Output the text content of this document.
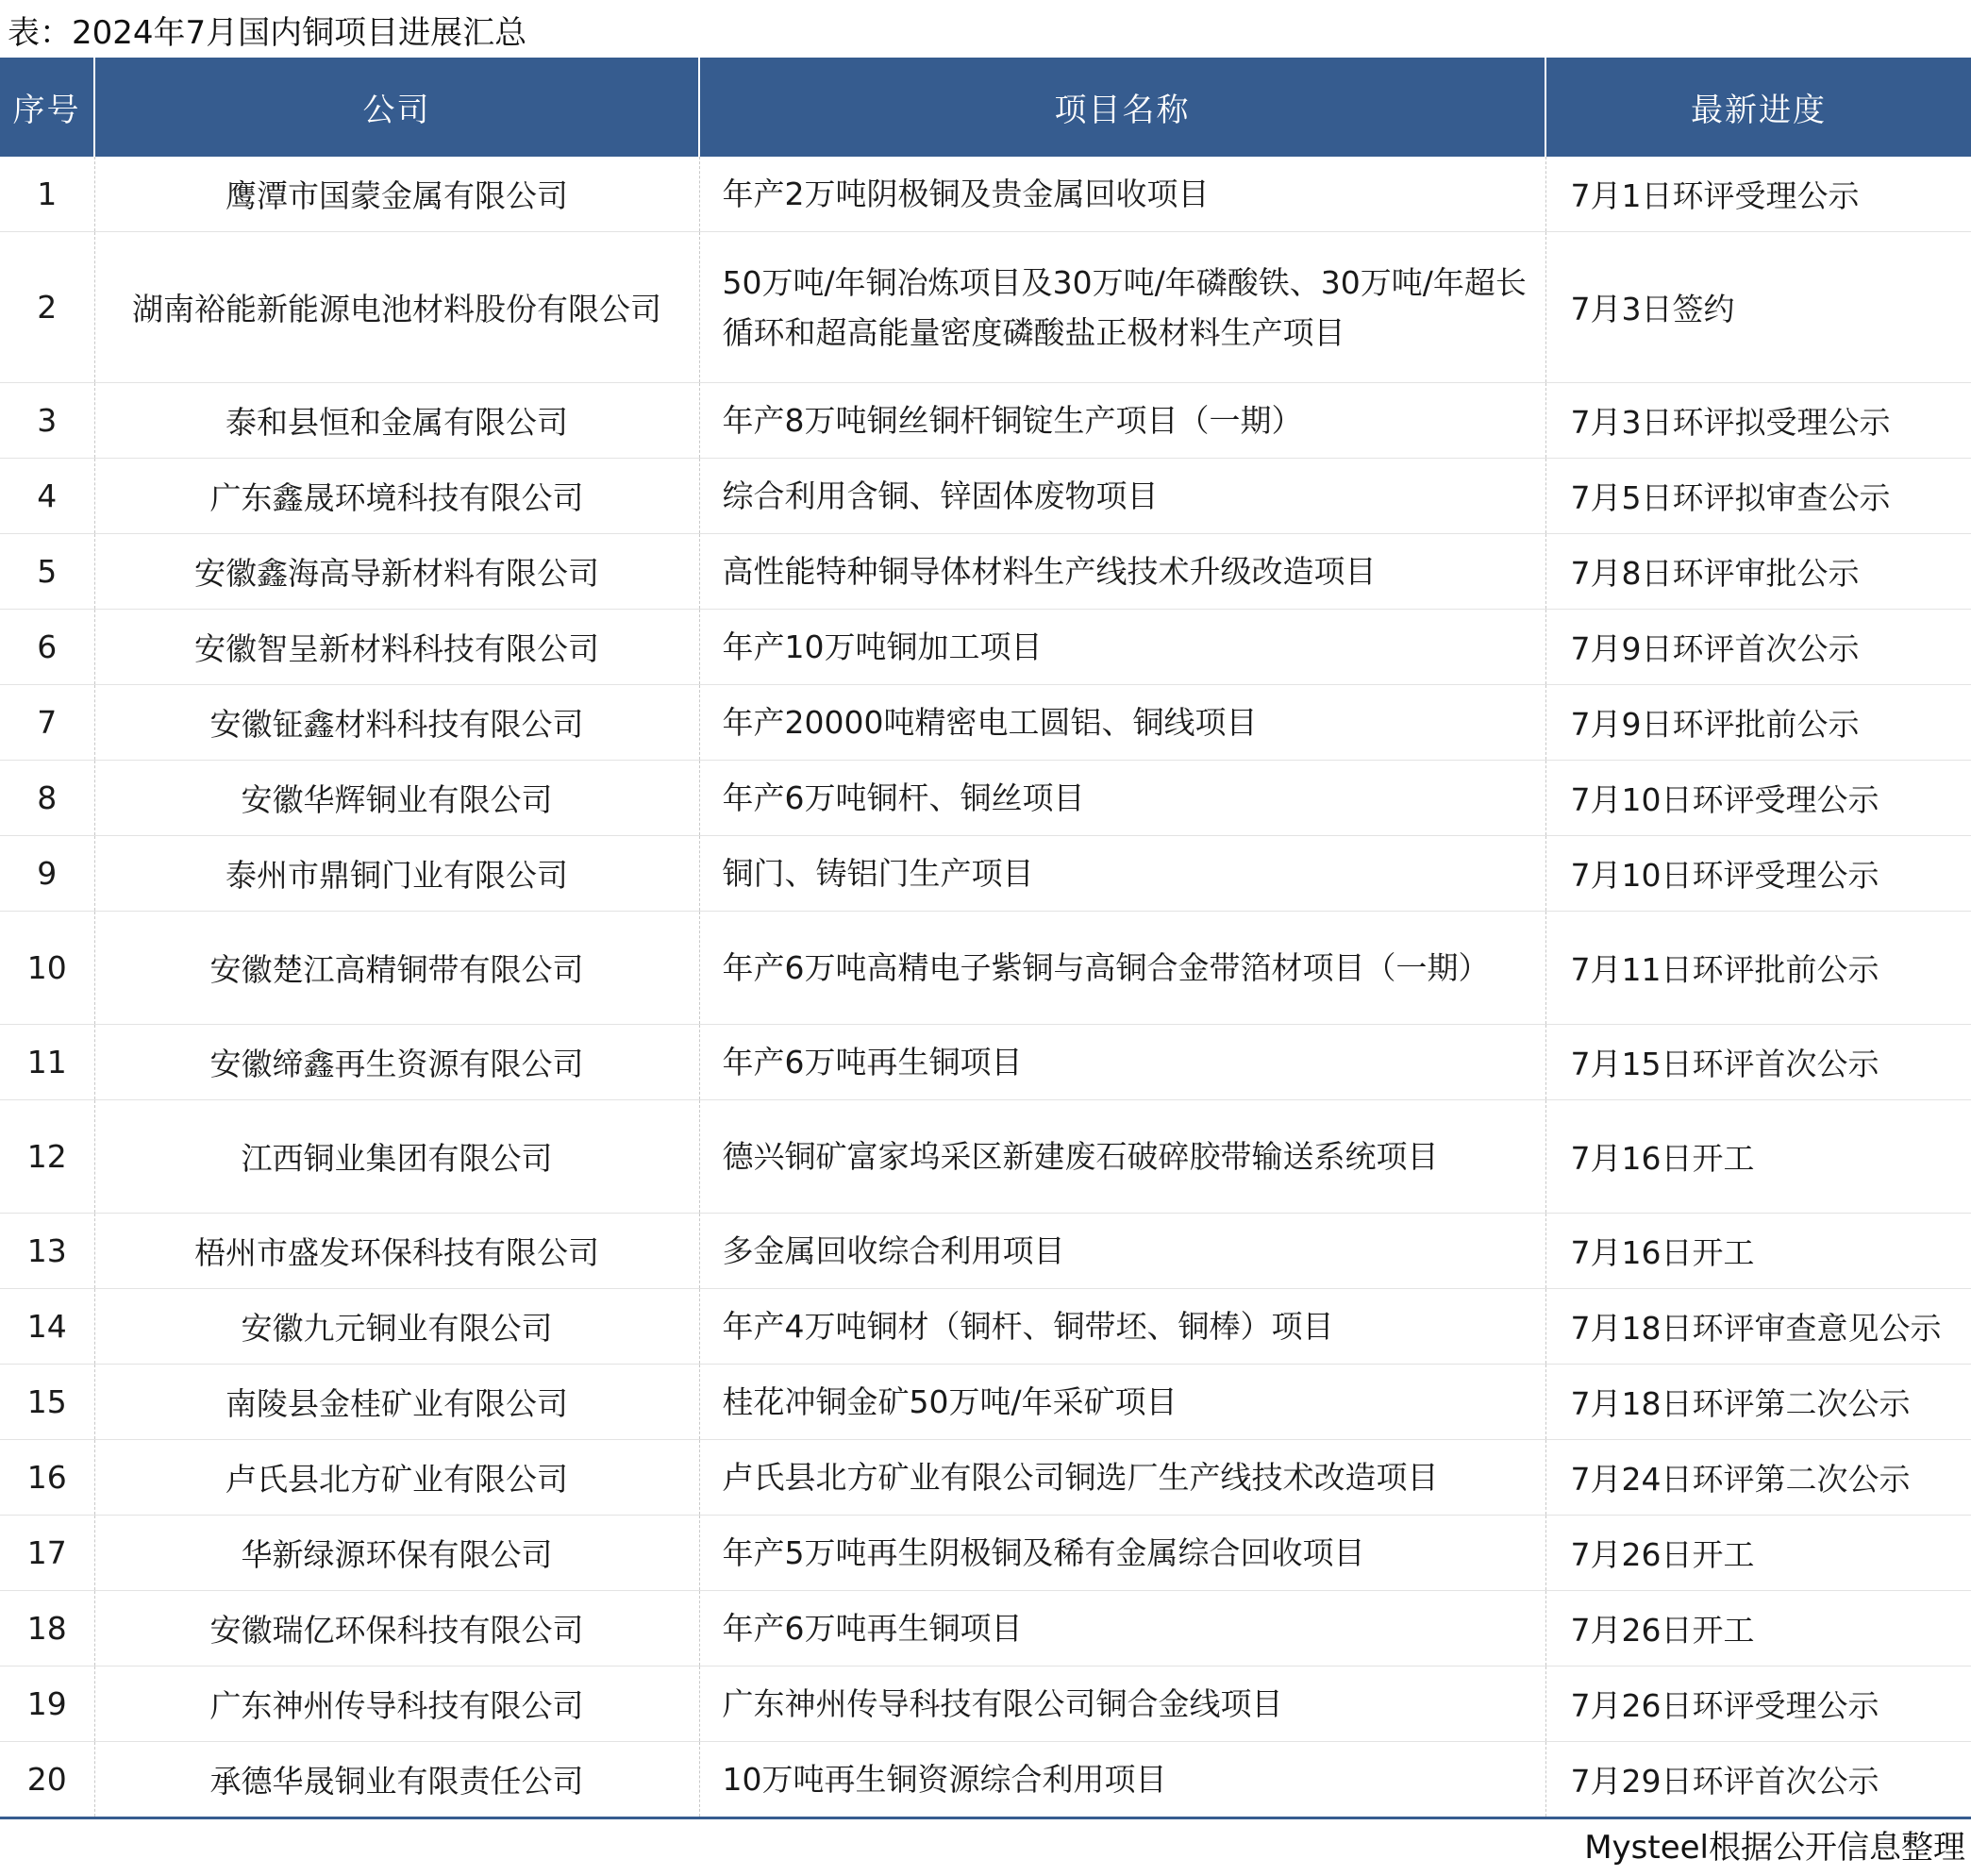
表：2024年7月国内铜项目进展汇总
序号	公司	项目名称	最新进度
1	鹰潭市国蒙金属有限公司	年产2万吨阴极铜及贵金属回收项目	7月1日环评受理公示
2	湖南裕能新能源电池材料股份有限公司	50万吨/年铜冶炼项目及30万吨/年磷酸铁、30万吨/年超长循环和超高能量密度磷酸盐正极材料生产项目	7月3日签约
3	泰和县恒和金属有限公司	年产8万吨铜丝铜杆铜锭生产项目（一期）	7月3日环评拟受理公示
4	广东鑫晟环境科技有限公司	综合利用含铜、锌固体废物项目	7月5日环评拟审查公示
5	安徽鑫海高导新材料有限公司	高性能特种铜导体材料生产线技术升级改造项目	7月8日环评审批公示
6	安徽智呈新材料科技有限公司	年产10万吨铜加工项目	7月9日环评首次公示
7	安徽钲鑫材料科技有限公司	年产20000吨精密电工圆铝、铜线项目	7月9日环评批前公示
8	安徽华辉铜业有限公司	年产6万吨铜杆、铜丝项目	7月10日环评受理公示
9	泰州市鼎铜门业有限公司	铜门、铸铝门生产项目	7月10日环评受理公示
10	安徽楚江高精铜带有限公司	年产6万吨高精电子紫铜与高铜合金带箔材项目（一期）	7月11日环评批前公示
11	安徽缔鑫再生资源有限公司	年产6万吨再生铜项目	7月15日环评首次公示
12	江西铜业集团有限公司	德兴铜矿富家坞采区新建废石破碎胶带输送系统项目	7月16日开工
13	梧州市盛发环保科技有限公司	多金属回收综合利用项目	7月16日开工
14	安徽九元铜业有限公司	年产4万吨铜材（铜杆、铜带坯、铜棒）项目	7月18日环评审查意见公示
15	南陵县金桂矿业有限公司	桂花冲铜金矿50万吨/年采矿项目	7月18日环评第二次公示
16	卢氏县北方矿业有限公司	卢氏县北方矿业有限公司铜选厂生产线技术改造项目	7月24日环评第二次公示
17	华新绿源环保有限公司	年产5万吨再生阴极铜及稀有金属综合回收项目	7月26日开工
18	安徽瑞亿环保科技有限公司	年产6万吨再生铜项目	7月26日开工
19	广东神州传导科技有限公司	广东神州传导科技有限公司铜合金线项目	7月26日环评受理公示
20	承德华晟铜业有限责任公司	10万吨再生铜资源综合利用项目	7月29日环评首次公示
Mysteel根据公开信息整理
